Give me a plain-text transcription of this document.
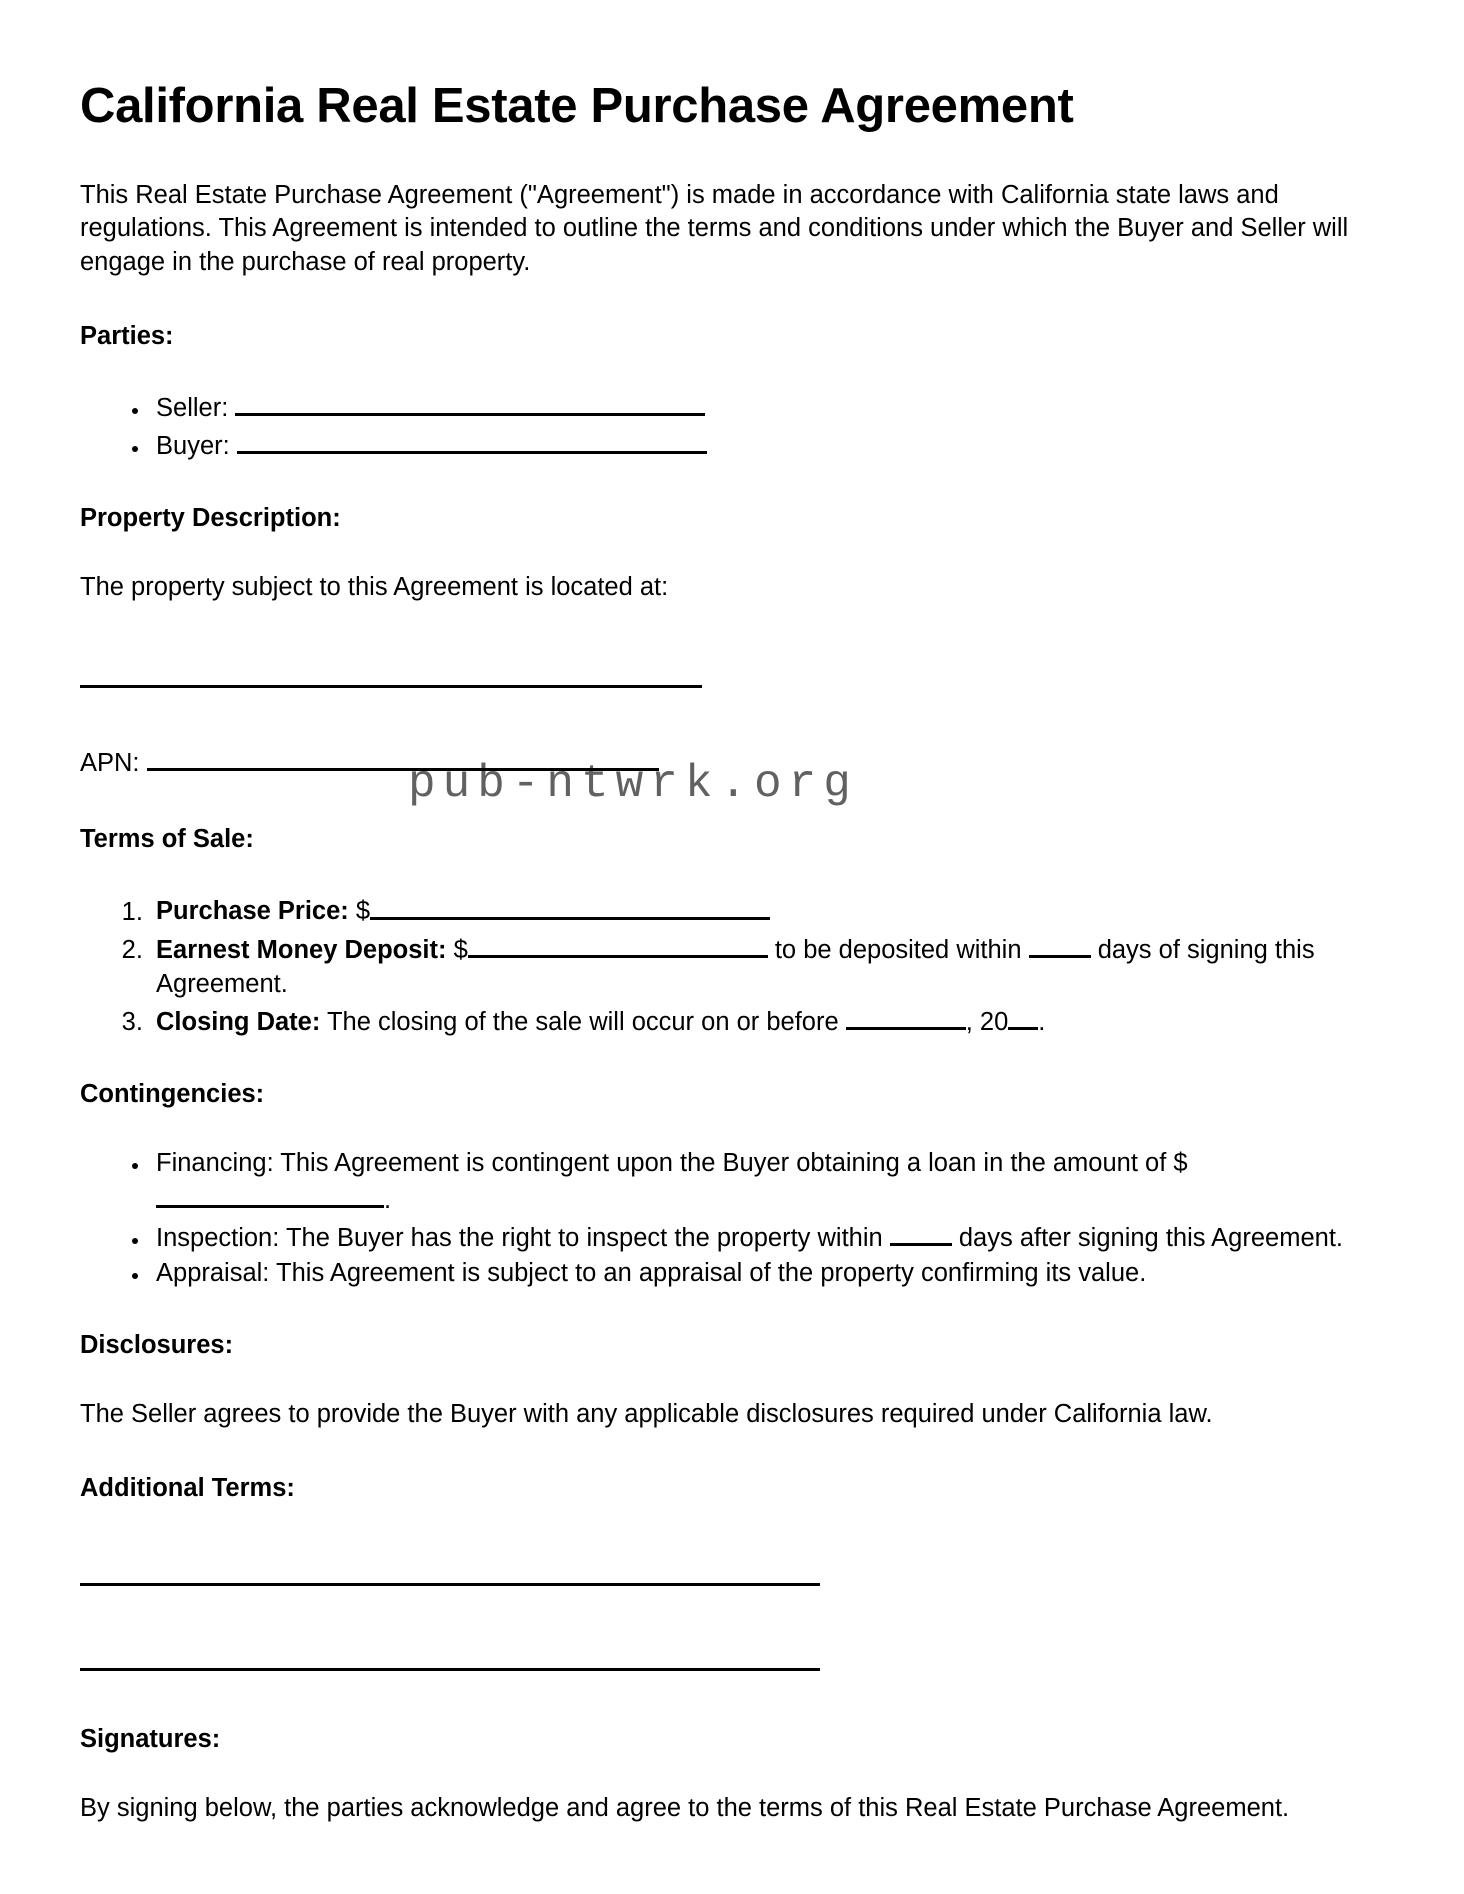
California Real Estate Purchase Agreement

This Real Estate Purchase Agreement ("Agreement") is made in accordance with California state laws and regulations. This Agreement is intended to outline the terms and conditions under which the Buyer and Seller will engage in the purchase of real property.

Parties:
• Seller:
• Buyer:
Property Description:

The property subject to this Agreement is located at:

APN:
Terms of Sale:
1. Purchase Price: $
2. Earnest Money Deposit: $	to be deposited within  days of signing this Agreement.
3. Closing Date: The closing of the sale will occur on or before	, 20 .
Contingencies:
• Financing: This Agreement is contingent upon the Buyer obtaining a loan in the amount of $.
• Inspection: The Buyer has the right to inspect the property within  days after signing this Agreement.
• Appraisal: This Agreement is subject to an appraisal of the property confirming its value.
Disclosures:

The Seller agrees to provide the Buyer with any applicable disclosures required under California law.

Additional Terms:
Signatures:

By signing below, the parties acknowledge and agree to the terms of this Real Estate Purchase Agreement.

pub-ntwrk.org
